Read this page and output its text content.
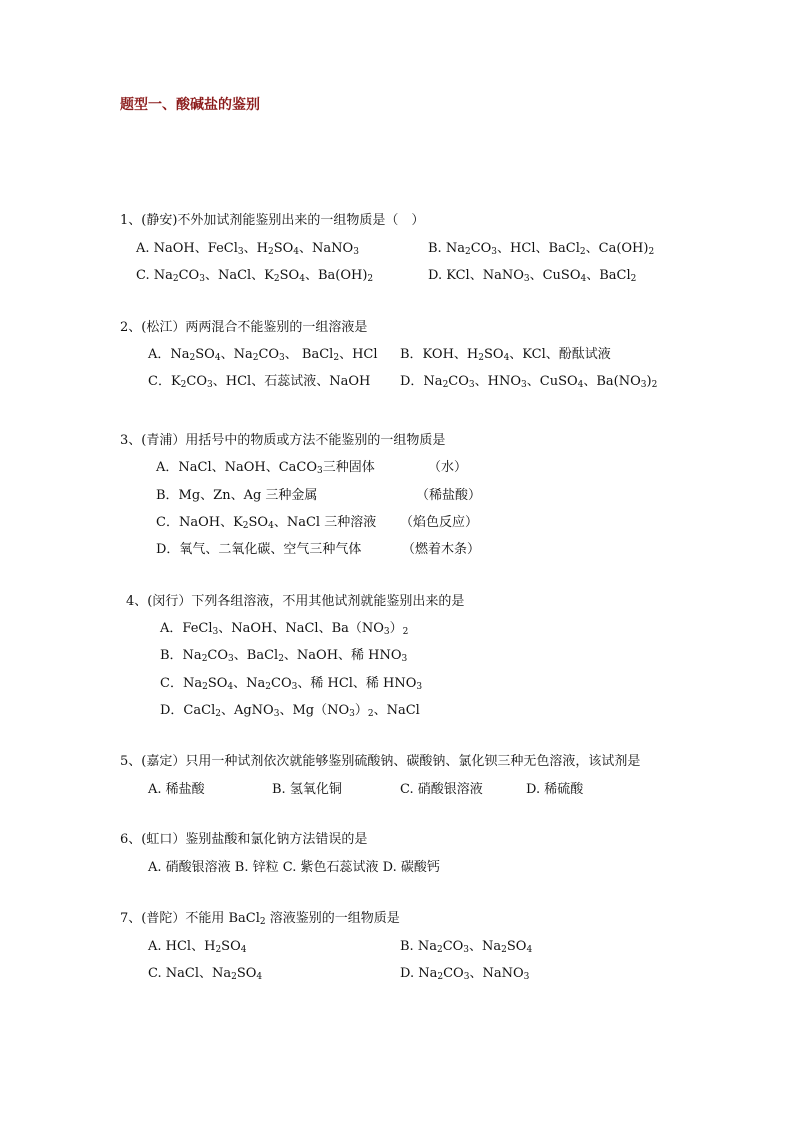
题型一、酸碱盐的鉴别
1、(静安)不外加试剂能鉴别出来的一组物质是（　）
A. NaOH、FeCl$_3$、$H_2SO_4$、NaNO$_3$	B. $Na_2CO_3$、HCl、BaCl$_2$、$Ca(OH)_2$
C. $Na_2CO_3$、NaCl、$K_2SO_4$、$Ba(OH)_2$	D. KCl、NaNO$_3$、CuSO$_4$、BaCl$_2$
2、(松江）两两混合不能鉴别的一组溶液是
A．$Na_2SO_4$、$Na_2CO_3$、 BaCl$_2$、HCl B．KOH、$H_2SO_4$、KCl、酚酞试液
C．$K_2CO_3$、HCl、石蕊试液、NaOH D．$Na_2CO_3$、$HNO_3$、CuSO$_4$、$Ba(NO_3)_2$
3、(青浦）用括号中的物质或方法不能鉴别的一组物质是
A．NaCl、NaOH、CaCO$_3$三种固体	（水）
B．Mg、Zn、Ag 三种金属	（稀盐酸）
C．NaOH、$K_2SO_4$、NaCl 三种溶液 （焰色反应）
D．氧气、二氧化碳、空气三种气体	（燃着木条）
4、(闵行）下列各组溶液，不用其他试剂就能鉴别出来的是
A．FeCl$_3$、NaOH、NaCl、$Ba(NO_3)_2$
B．$Na_2CO_3$、BaCl$_2$、NaOH、稀 $HNO_3$
C．$Na_2SO_4$、$Na_2CO_3$、稀 HCl、稀 $HNO_3$
D．CaCl$_2$、AgNO$_3$、$Mg(NO_3)_2$、NaCl
5、(嘉定）只用一种试剂依次就能够鉴别硫酸钠、碳酸钠、氯化钡三种无色溶液，该试剂是
A. 稀盐酸	B. 氢氧化铜	C. 硝酸银溶液	D. 稀硫酸
6、(虹口）鉴别盐酸和氯化钠方法错误的是
A. 硝酸银溶液 B. 锌粒 C. 紫色石蕊试液 D. 碳酸钙
7、(普陀）不能用 BaCl$_2$ 溶液鉴别的一组物质是
A. HCl、$H_2SO_4$	B. $Na_2CO_3$、$Na_2SO_4$
C. NaCl、$Na_2SO_4$	D. $Na_2CO_3$、NaNO$_3$
